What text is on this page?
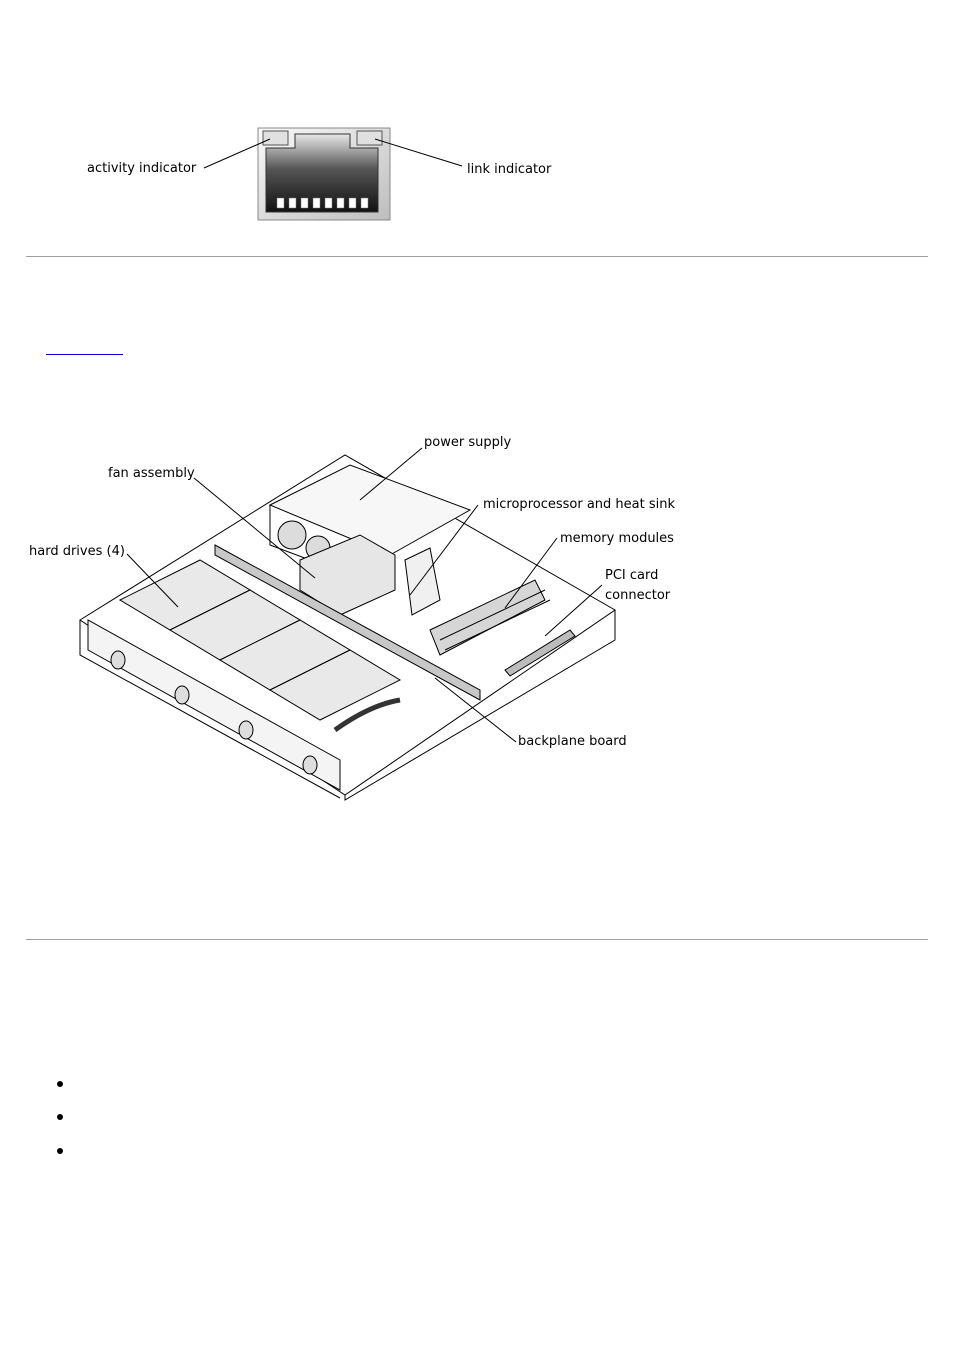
activity indicator	link indicator
power supply
fan assembly
microprocessor and heat sink
memory modules
hard drives (4)
PCI card
connector
backplane board
